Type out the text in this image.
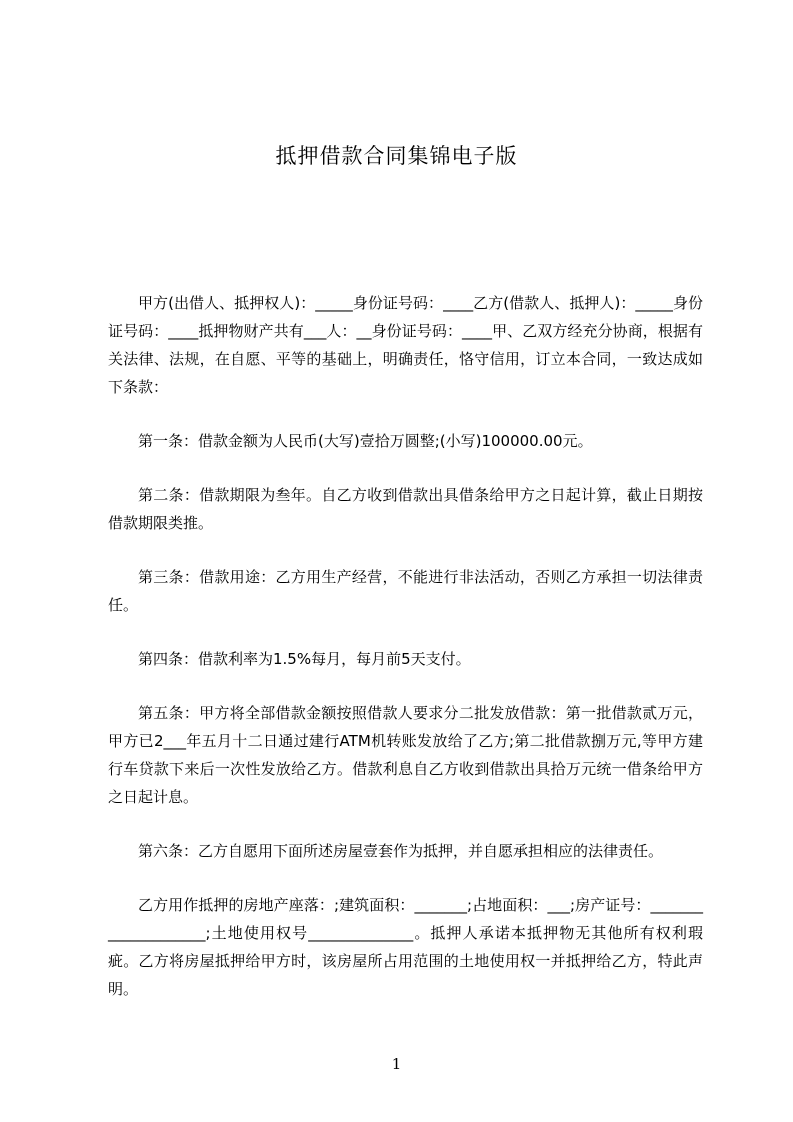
抵押借款合同集锦电子版

甲方(出借人、抵押权人)：_____身份证号码：____乙方(借款人、抵押人)：_____身份证号码：____抵押物财产共有___人：__身份证号码：____甲、乙双方经充分协商，根据有关法律、法规，在自愿、平等的基础上，明确责任，恪守信用，订立本合同，一致达成如下条款：

第一条：借款金额为人民币(大写)壹拾万圆整;(小写)100000.00元。

第二条：借款期限为叁年。自乙方收到借款出具借条给甲方之日起计算，截止日期按借款期限类推。

第三条：借款用途：乙方用生产经营，不能进行非法活动，否则乙方承担一切法律责任。

第四条：借款利率为1.5%每月，每月前5天支付。

第五条：甲方将全部借款金额按照借款人要求分二批发放借款：第一批借款贰万元，甲方已2___年五月十二日通过建行ATM机转账发放给了乙方;第二批借款捌万元,等甲方建行车贷款下来后一次性发放给乙方。借款利息自乙方收到借款出具拾万元统一借条给甲方之日起计息。

第六条：乙方自愿用下面所述房屋壹套作为抵押，并自愿承担相应的法律责任。

乙方用作抵押的房地产座落：;建筑面积：_______;占地面积：___;房产证号：____________________;土地使用权号______________。抵押人承诺本抵押物无其他所有权利瑕疵。乙方将房屋抵押给甲方时，该房屋所占用范围的土地使用权一并抵押给乙方，特此声明。

1
